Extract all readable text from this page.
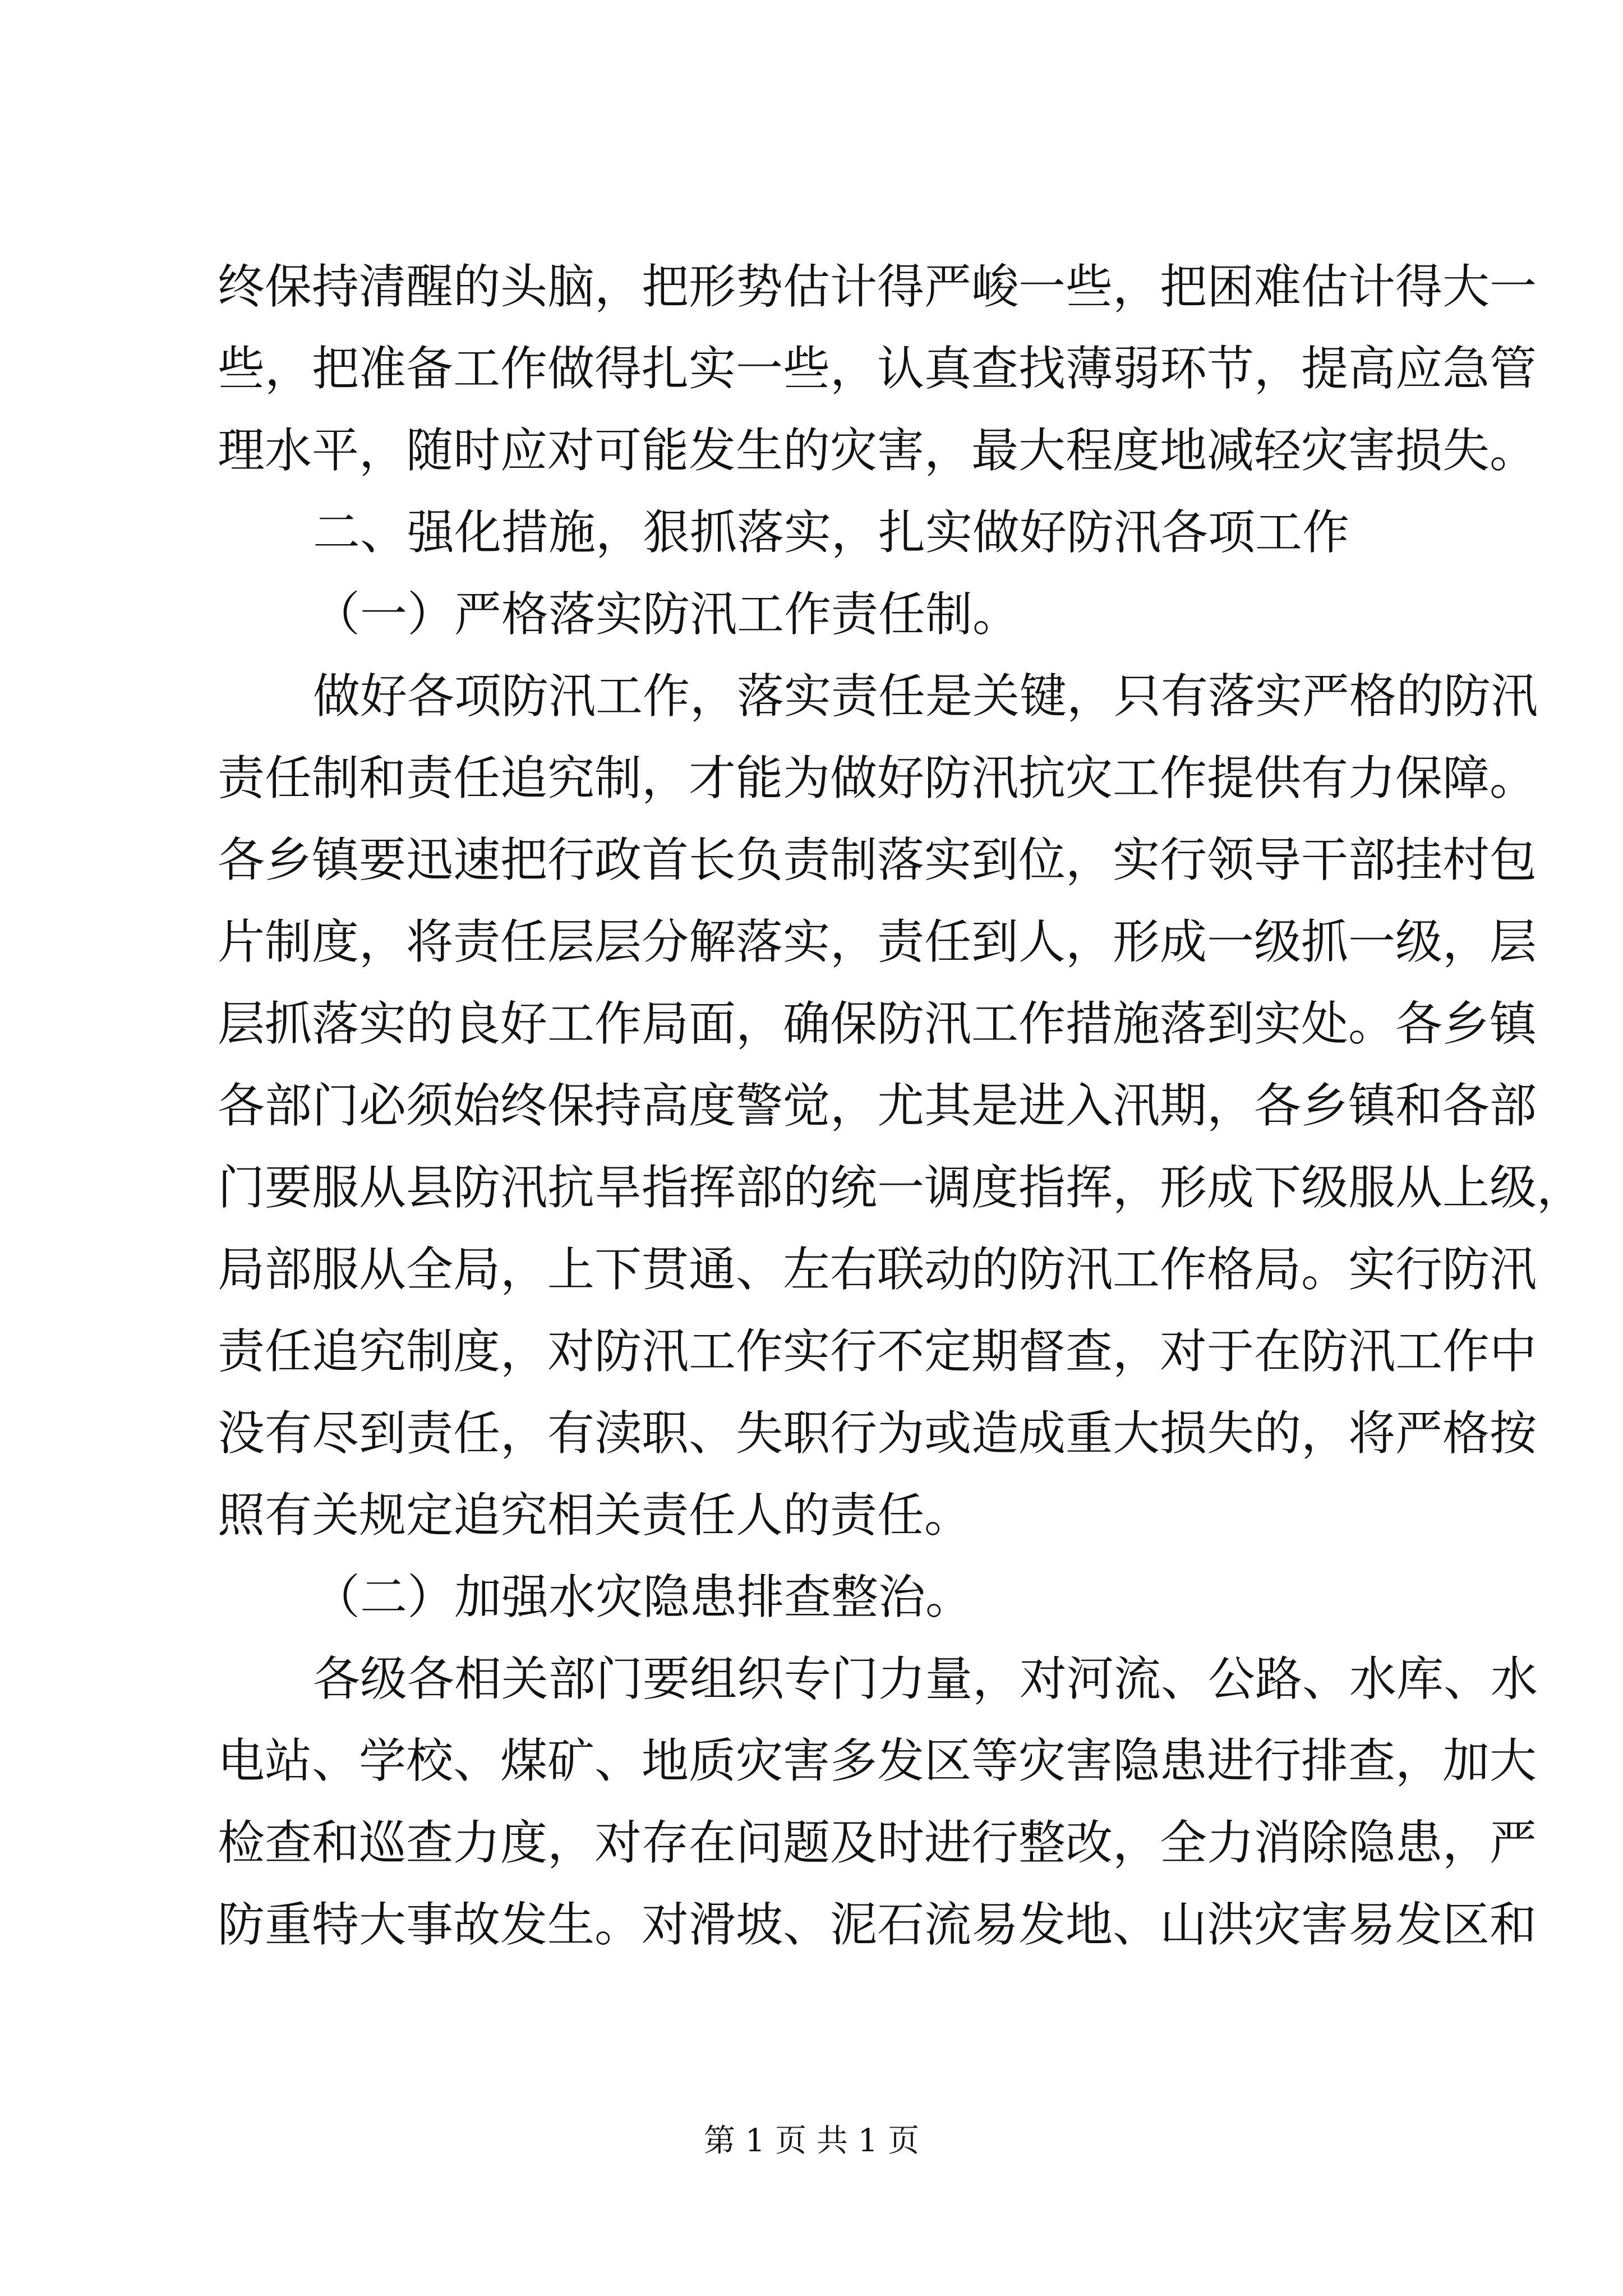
终保持清醒的头脑，把形势估计得严峻一些，把困难估计得大一
些，把准备工作做得扎实一些，认真查找薄弱环节，提高应急管
理水平，随时应对可能发生的灾害，最大程度地减轻灾害损失。
二、强化措施，狠抓落实，扎实做好防汛各项工作
（一）严格落实防汛工作责任制。
做好各项防汛工作，落实责任是关键，只有落实严格的防汛
责任制和责任追究制，才能为做好防汛抗灾工作提供有力保障。
各乡镇要迅速把行政首长负责制落实到位，实行领导干部挂村包
片制度，将责任层层分解落实，责任到人，形成一级抓一级，层
层抓落实的良好工作局面，确保防汛工作措施落到实处。各乡镇
各部门必须始终保持高度警觉，尤其是进入汛期，各乡镇和各部
门要服从县防汛抗旱指挥部的统一调度指挥，形成下级服从上级，
局部服从全局，上下贯通、左右联动的防汛工作格局。实行防汛
责任追究制度，对防汛工作实行不定期督查，对于在防汛工作中
没有尽到责任，有渎职、失职行为或造成重大损失的，将严格按
照有关规定追究相关责任人的责任。
（二）加强水灾隐患排查整治。
各级各相关部门要组织专门力量，对河流、公路、水库、水
电站、学校、煤矿、地质灾害多发区等灾害隐患进行排查，加大
检查和巡查力度，对存在问题及时进行整改，全力消除隐患，严
防重特大事故发生。对滑坡、泥石流易发地、山洪灾害易发区和
第 1 页 共 1 页
